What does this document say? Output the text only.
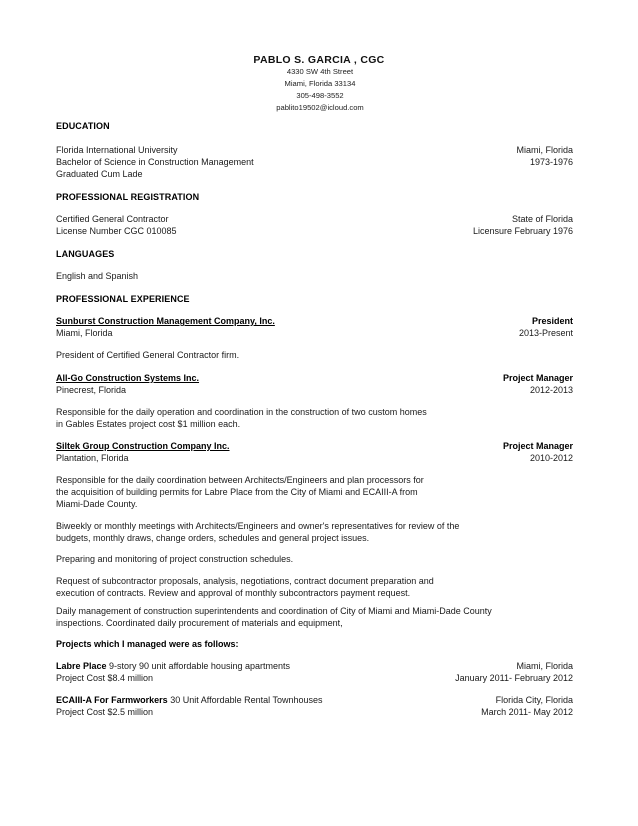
PABLO S. GARCIA , CGC
4330 SW 4th Street
Miami, Florida 33134
305-498-3552
pablito19502@icloud.com
EDUCATION
Florida International University	Miami, Florida
Bachelor of Science in Construction Management	1973-1976
Graduated Cum Lade
PROFESSIONAL REGISTRATION
Certified General Contractor	State of Florida
License Number CGC 010085	Licensure February 1976
LANGUAGES
English and Spanish
PROFESSIONAL EXPERIENCE
Sunburst Construction Management Company, Inc.	President
Miami, Florida	2013-Present
President of Certified General Contractor firm.
All-Go Construction Systems Inc.	Project Manager
Pinecrest, Florida	2012-2013
Responsible for the daily operation and coordination in the construction of two custom homes
in Gables Estates project cost $1 million each.
Siltek Group Construction Company Inc.	Project Manager
Plantation, Florida	2010-2012
Responsible for the daily coordination between Architects/Engineers and plan processors for
the acquisition of building permits for Labre Place from the City of Miami and ECAIII-A from
Miami-Dade County.
Biweekly or monthly meetings with Architects/Engineers and owner's representatives for review of the
budgets, monthly draws, change orders, schedules and general project issues.
Preparing and monitoring of project construction schedules.
Request of subcontractor proposals, analysis, negotiations, contract document preparation and
execution of contracts. Review and approval of monthly subcontractors payment request.
Daily management of construction superintendents and coordination of City of Miami and Miami-Dade County
inspections. Coordinated daily procurement of materials and equipment,
Projects which I managed were as follows:
Labre Place 9-story 90 unit affordable housing apartments	Miami, Florida
Project Cost $8.4 million	January 2011- February 2012
ECAIII-A For Farmworkers 30 Unit Affordable Rental Townhouses	Florida City, Florida
Project Cost $2.5 million	March 2011- May 2012
